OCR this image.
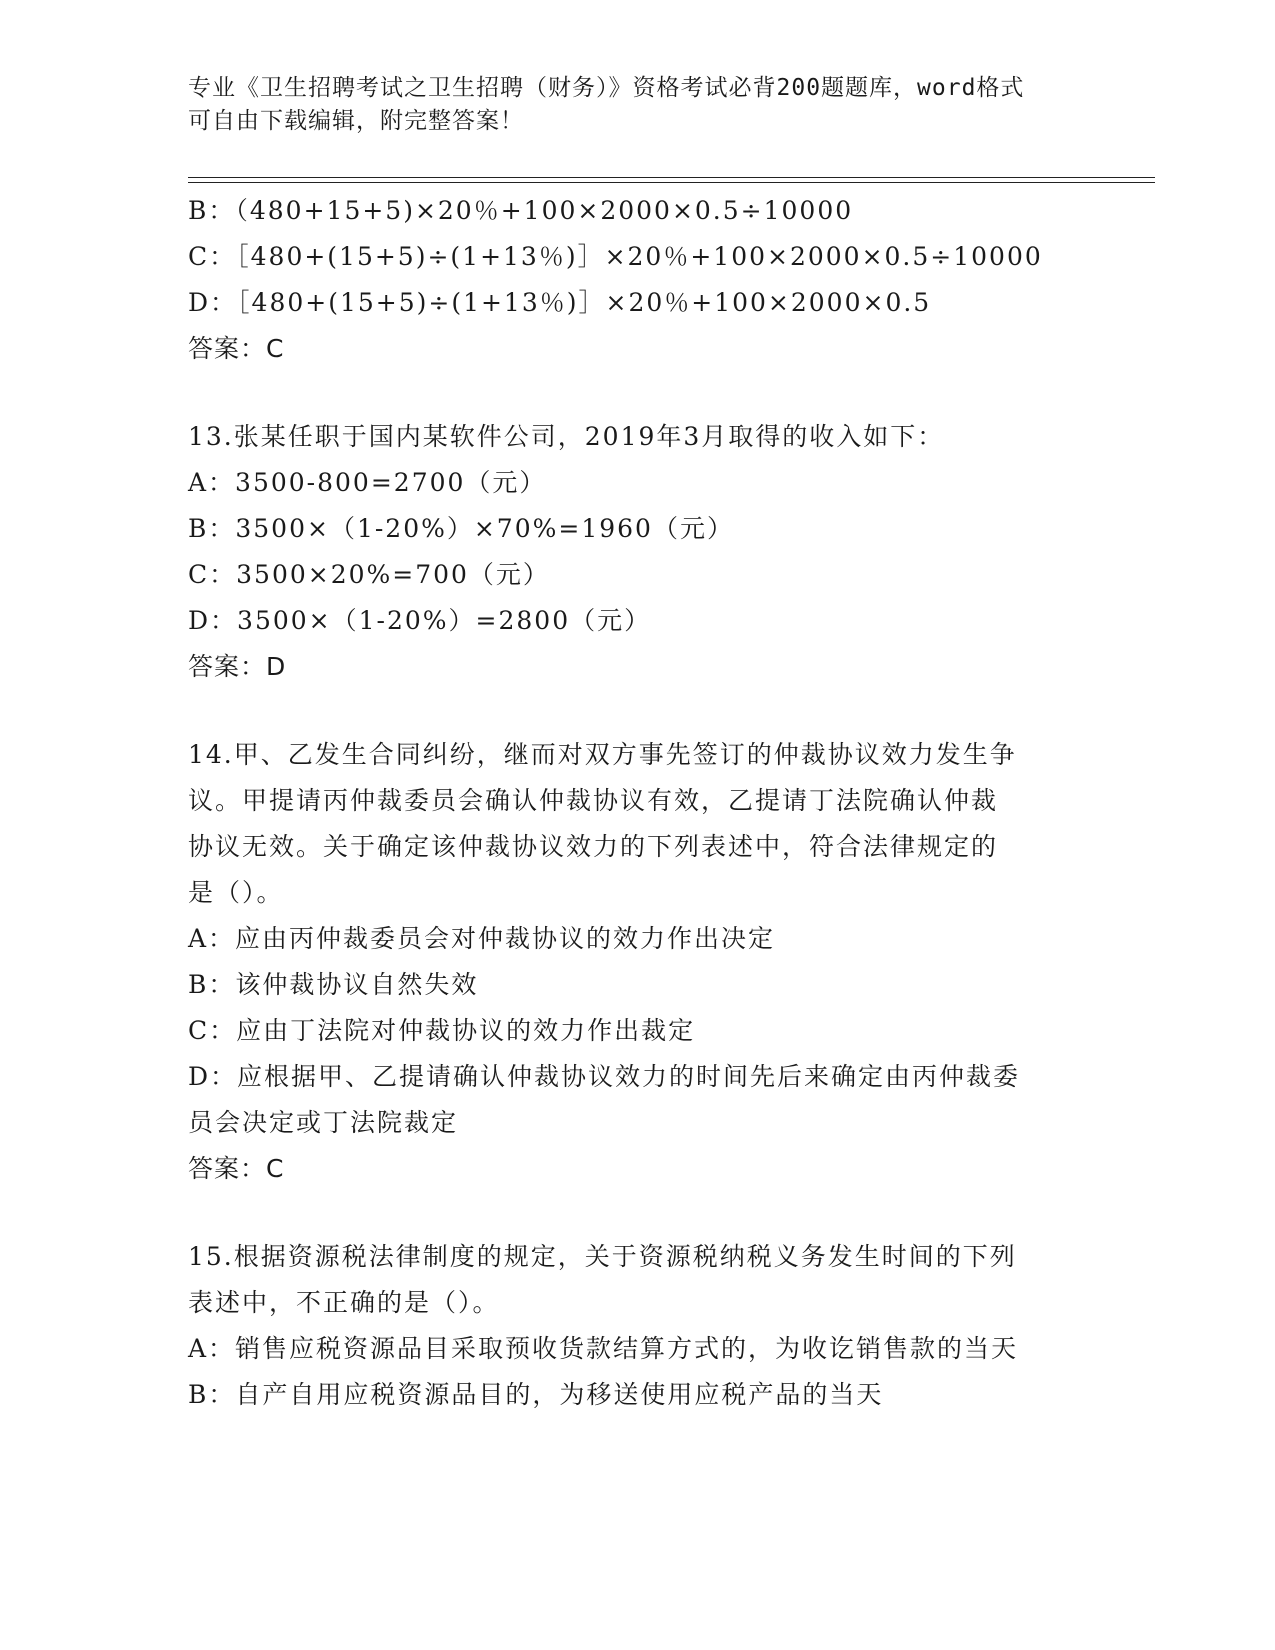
专业《卫生招聘考试之卫生招聘（财务）》资格考试必背200题题库，word格式
可自由下载编辑，附完整答案！
B：（480+15+5)×20％+100×2000×0.5÷10000
C：［480+(15+5)÷(1+13％)］×20％+100×2000×0.5÷10000
D：［480+(15+5)÷(1+13％)］×20％+100×2000×0.5
答案：C
13.张某任职于国内某软件公司，2019年3月取得的收入如下：
A：3500-800=2700（元）
B：3500×（1-20%）×70%=1960（元）
C：3500×20%=700（元）
D：3500×（1-20%）=2800（元）
答案：D
14.甲、乙发生合同纠纷，继而对双方事先签订的仲裁协议效力发生争
议。甲提请丙仲裁委员会确认仲裁协议有效，乙提请丁法院确认仲裁
协议无效。关于确定该仲裁协议效力的下列表述中，符合法律规定的
是（）。
A：应由丙仲裁委员会对仲裁协议的效力作出决定
B：该仲裁协议自然失效
C：应由丁法院对仲裁协议的效力作出裁定
D：应根据甲、乙提请确认仲裁协议效力的时间先后来确定由丙仲裁委
员会决定或丁法院裁定
答案：C
15.根据资源税法律制度的规定，关于资源税纳税义务发生时间的下列
表述中，不正确的是（）。
A：销售应税资源品目采取预收货款结算方式的，为收讫销售款的当天
B：自产自用应税资源品目的，为移送使用应税产品的当天
